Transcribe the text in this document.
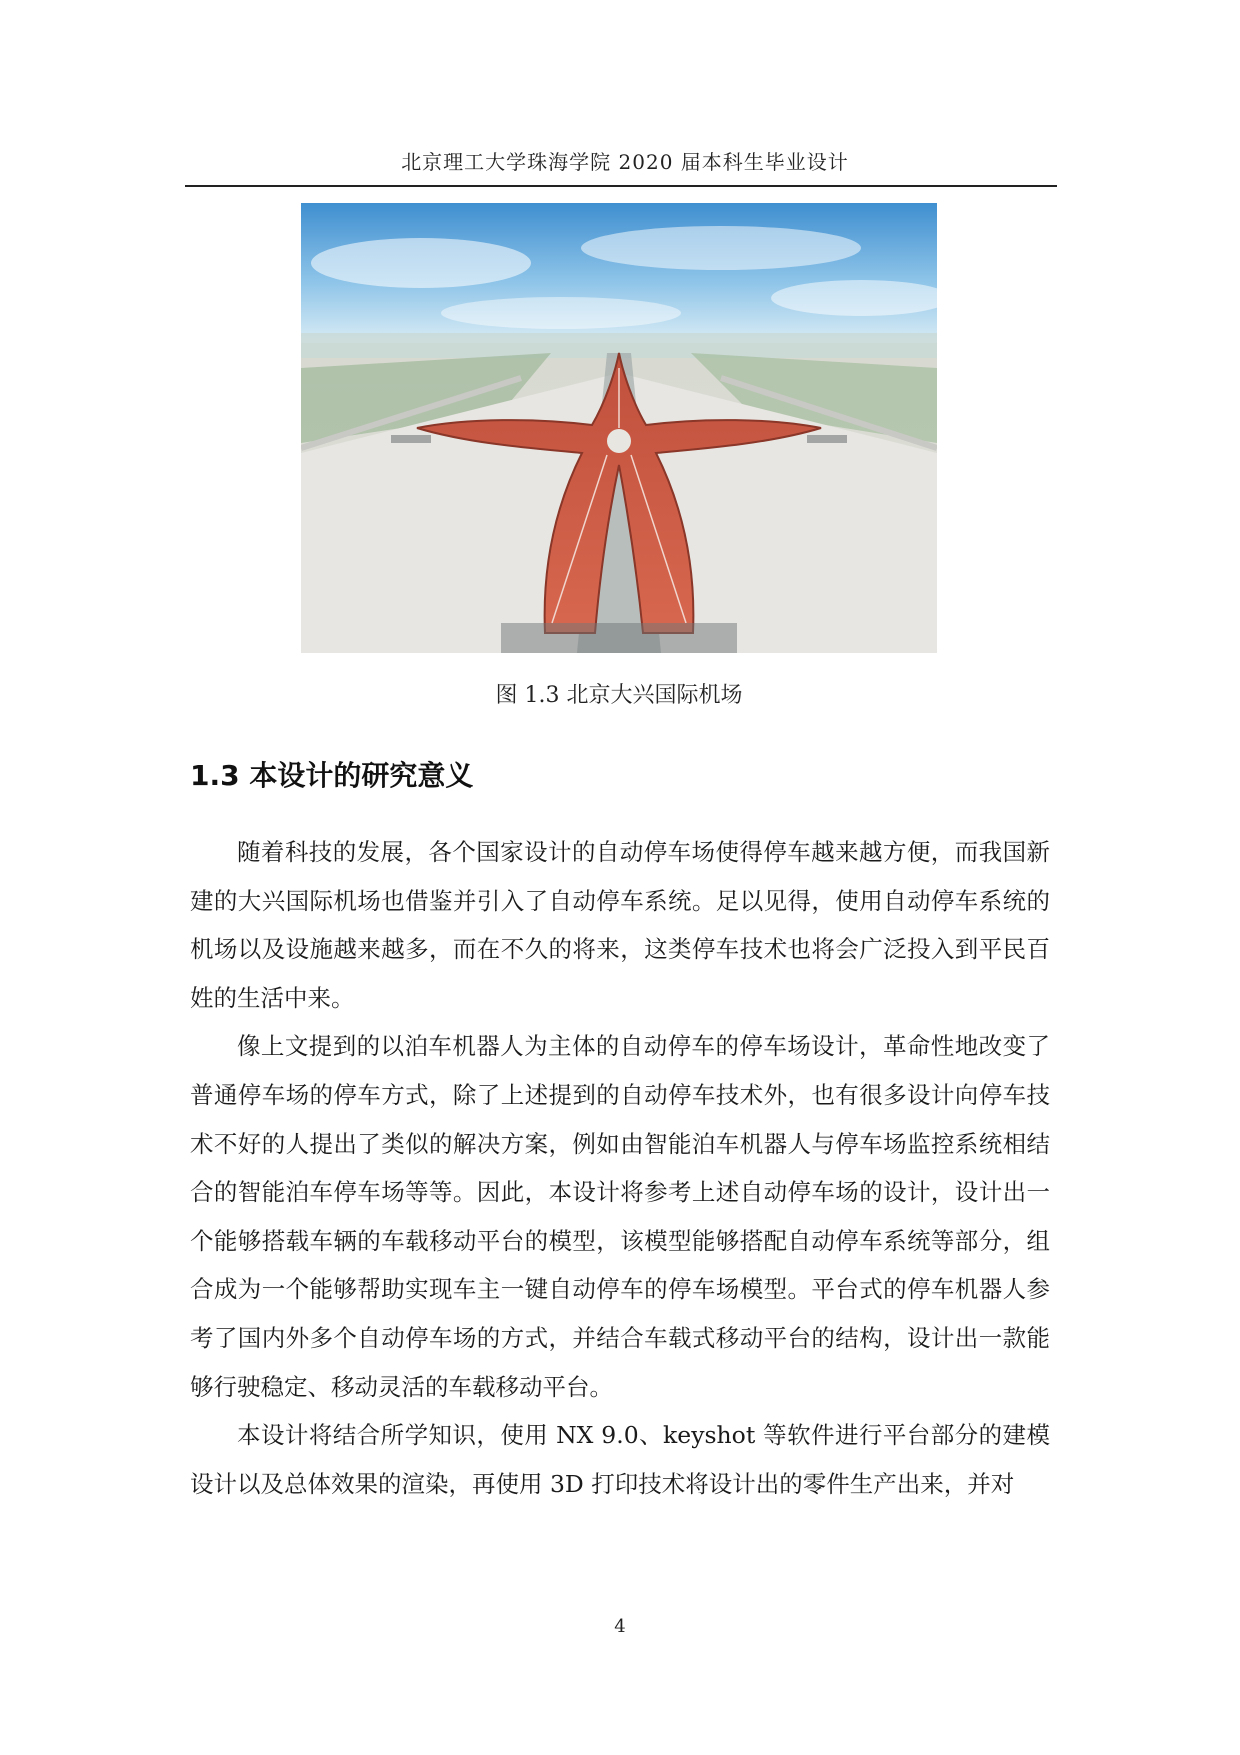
北京理工大学珠海学院 2020 届本科生毕业设计
图 1.3 北京大兴国际机场
1.3 本设计的研究意义

随着科技的发展，各个国家设计的自动停车场使得停车越来越方便，而我国新建的大兴国际机场也借鉴并引入了自动停车系统。足以见得，使用自动停车系统的机场以及设施越来越多，而在不久的将来，这类停车技术也将会广泛投入到平民百姓的生活中来。

像上文提到的以泊车机器人为主体的自动停车的停车场设计，革命性地改变了普通停车场的停车方式，除了上述提到的自动停车技术外，也有很多设计向停车技术不好的人提出了类似的解决方案，例如由智能泊车机器人与停车场监控系统相结合的智能泊车停车场等等。因此，本设计将参考上述自动停车场的设计，设计出一个能够搭载车辆的车载移动平台的模型，该模型能够搭配自动停车系统等部分，组合成为一个能够帮助实现车主一键自动停车的停车场模型。平台式的停车机器人参考了国内外多个自动停车场的方式，并结合车载式移动平台的结构，设计出一款能够行驶稳定、移动灵活的车载移动平台。

本设计将结合所学知识，使用 NX 9.0、keyshot 等软件进行平台部分的建模设计以及总体效果的渲染，再使用 3D 打印技术将设计出的零件生产出来，并对

4
